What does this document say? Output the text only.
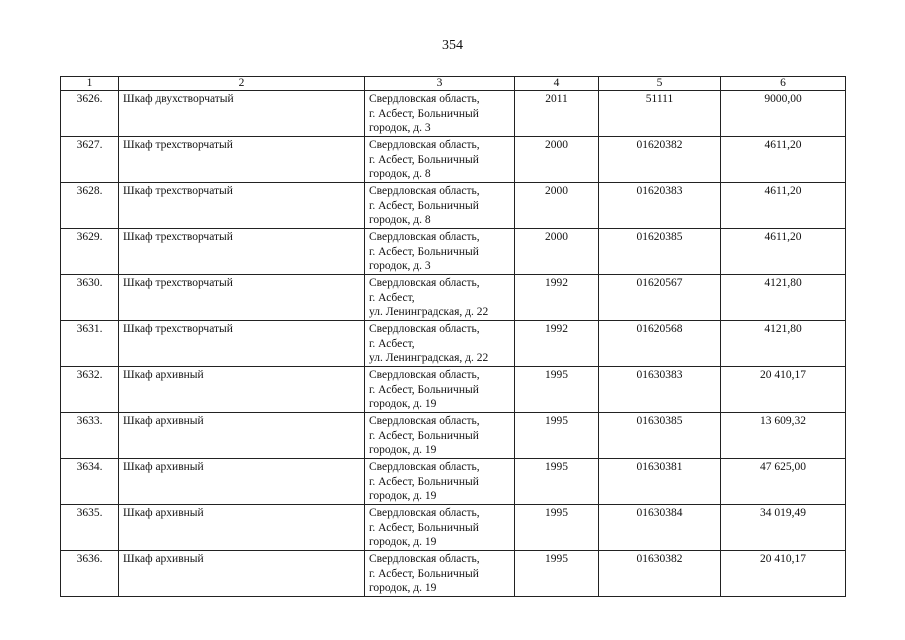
354
1	2	3	4	5	6
3626.	Шкаф двухстворчатый	Свердловская область,
г. Асбест, Больничный
городок, д. 3	2011	51111	9000,00
3627.	Шкаф трехстворчатый	Свердловская область,
г. Асбест, Больничный
городок, д. 8	2000	01620382	4611,20
3628.	Шкаф трехстворчатый	Свердловская область,
г. Асбест, Больничный
городок, д. 8	2000	01620383	4611,20
3629.	Шкаф трехстворчатый	Свердловская область,
г. Асбест, Больничный
городок, д. 3	2000	01620385	4611,20
3630.	Шкаф трехстворчатый	Свердловская область,
г. Асбест,
ул. Ленинградская, д. 22	1992	01620567	4121,80
3631.	Шкаф трехстворчатый	Свердловская область,
г. Асбест,
ул. Ленинградская, д. 22	1992	01620568	4121,80
3632.	Шкаф архивный	Свердловская область,
г. Асбест, Больничный
городок, д. 19	1995	01630383	20 410,17
3633.	Шкаф архивный	Свердловская область,
г. Асбест, Больничный
городок, д. 19	1995	01630385	13 609,32
3634.	Шкаф архивный	Свердловская область,
г. Асбест, Больничный
городок, д. 19	1995	01630381	47 625,00
3635.	Шкаф архивный	Свердловская область,
г. Асбест, Больничный
городок, д. 19	1995	01630384	34 019,49
3636.	Шкаф архивный	Свердловская область,
г. Асбест, Больничный
городок, д. 19	1995	01630382	20 410,17
